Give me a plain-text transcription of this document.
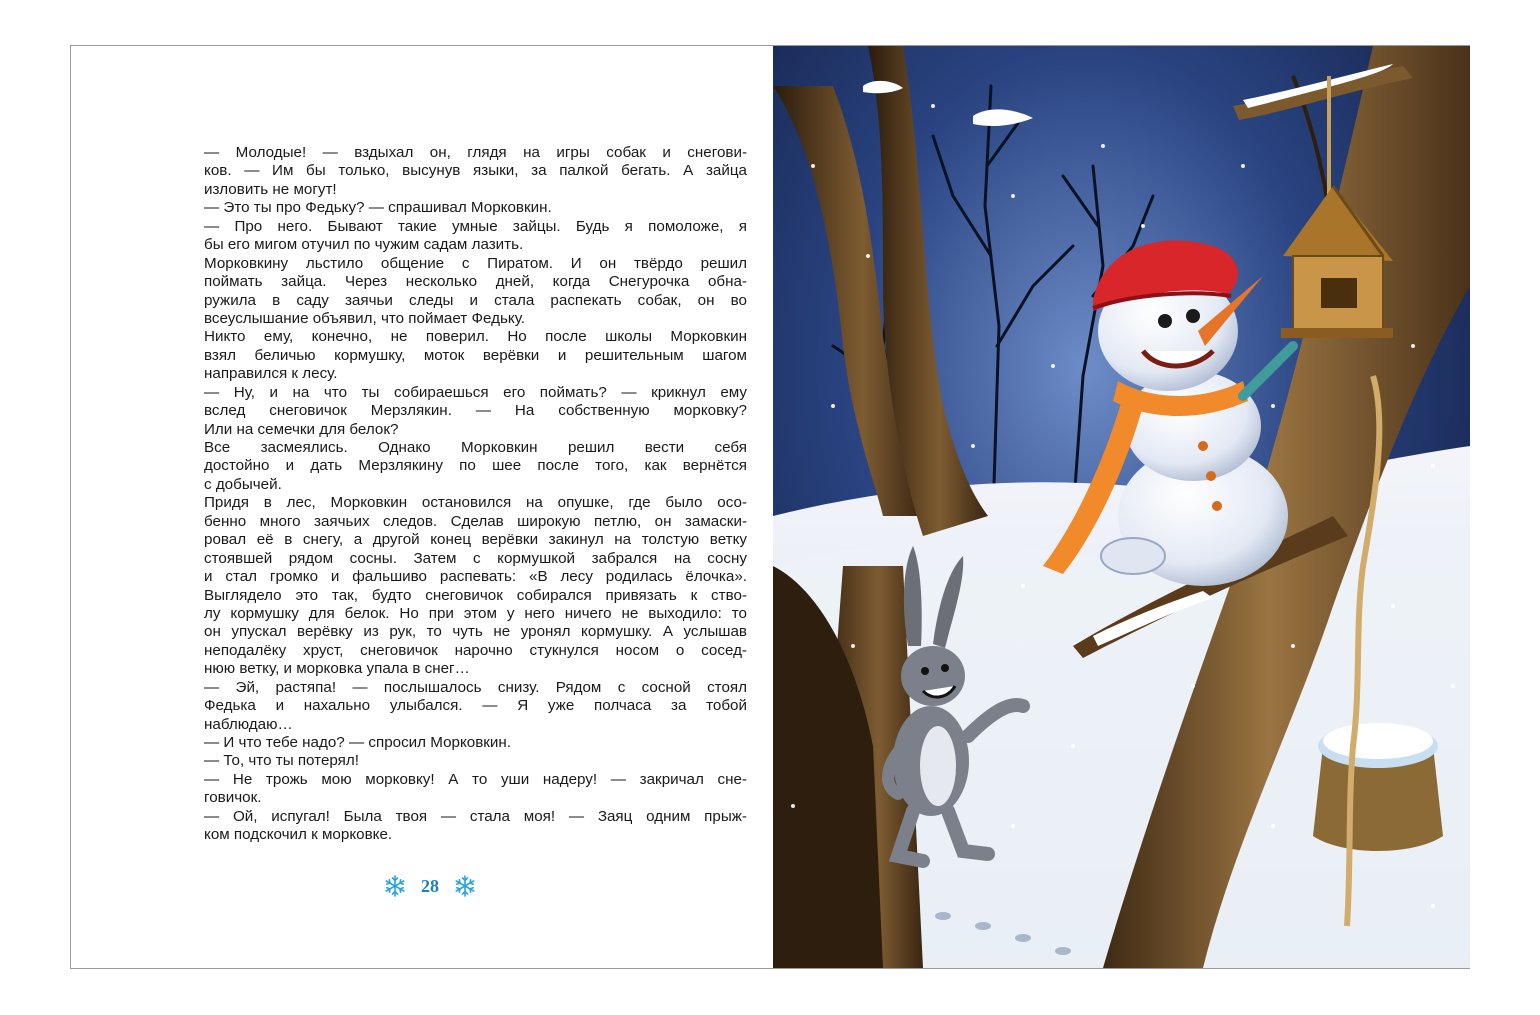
— Молодые! — вздыхал он, глядя на игры собак и снегови-
ков. — Им бы только, высунув языки, за палкой бегать. А зайца
изловить не могут!
— Это ты про Федьку? — спрашивал Морковкин.
— Про него. Бывают такие умные зайцы. Будь я помоложе, я
бы его мигом отучил по чужим садам лазить.
Морковкину льстило общение с Пиратом. И он твёрдо решил
поймать зайца. Через несколько дней, когда Снегурочка обна-
ружила в саду заячьи следы и стала распекать собак, он во
всеуслышание объявил, что поймает Федьку.
Никто ему, конечно, не поверил. Но после школы Морковкин
взял беличью кормушку, моток верёвки и решительным шагом
направился к лесу.
— Ну, и на что ты собираешься его поймать? — крикнул ему
вслед снеговичок Мерзлякин. — На собственную морковку?
Или на семечки для белок?
Все засмеялись. Однако Морковкин решил вести себя
достойно и дать Мерзлякину по шее после того, как вернётся
с добычей.
Придя в лес, Морковкин остановился на опушке, где было осо-
бенно много заячьих следов. Сделав широкую петлю, он замаски-
ровал её в снегу, а другой конец верёвки закинул на толстую ветку
стоявшей рядом сосны. Затем с кормушкой забрался на сосну
и стал громко и фальшиво распевать: «В лесу родилась ёлочка».
Выглядело это так, будто снеговичок собирался привязать к ство-
лу кормушку для белок. Но при этом у него ничего не выходило: то
он упускал верёвку из рук, то чуть не уронял кормушку. А услышав
неподалёку хруст, снеговичок нарочно стукнулся носом о сосед-
нюю ветку, и морковка упала в снег…
— Эй, растяпа! — послышалось снизу. Рядом с сосной стоял
Федька и нахально улыбался. — Я уже полчаса за тобой
наблюдаю…
— И что тебе надо? — спросил Морковкин.
— То, что ты потерял!
— Не трожь мою морковку! А то уши надеру! — закричал сне-
говичок.
— Ой, испугал! Была твоя — стала моя! — Заяц одним прыж-
ком подскочил к морковке.
28
